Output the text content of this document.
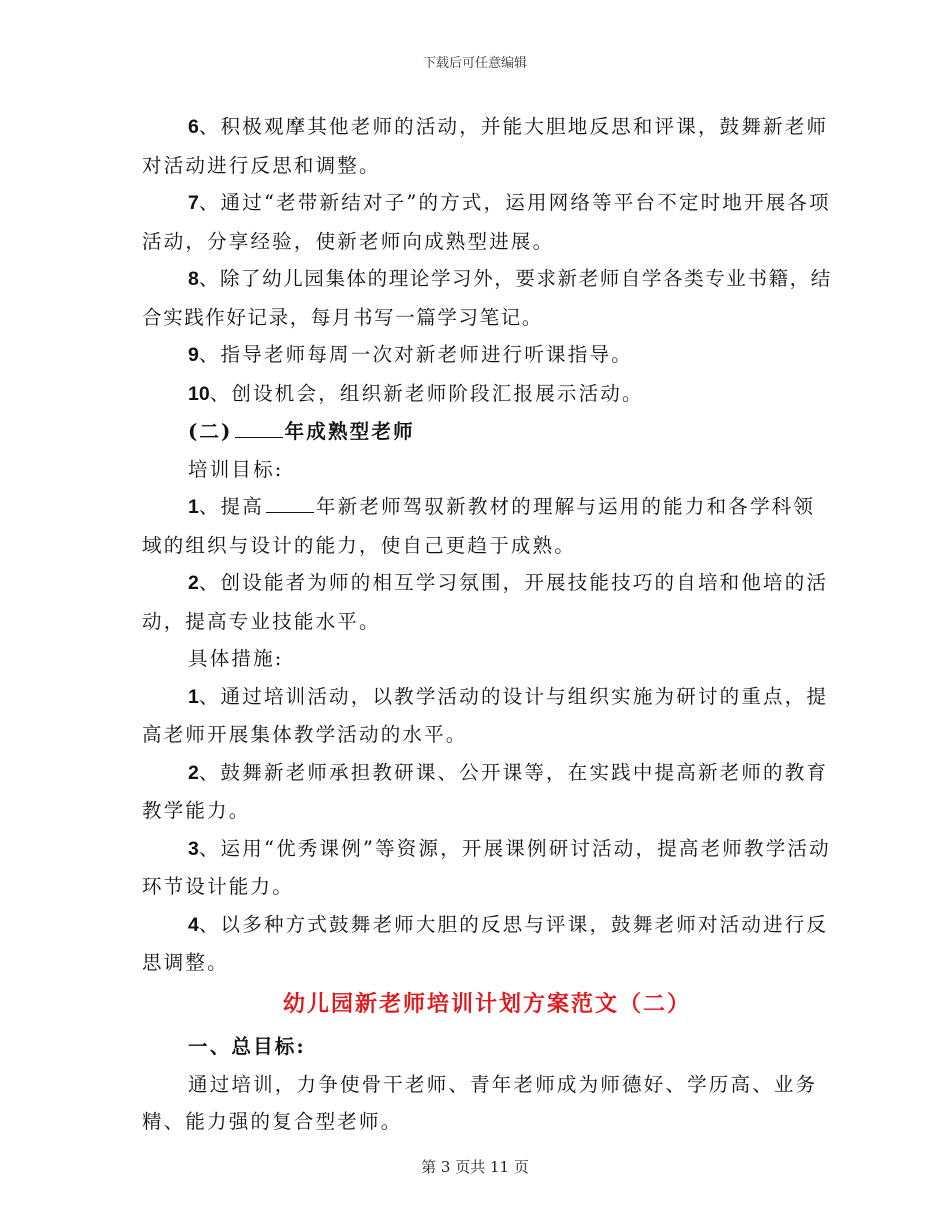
下载后可任意编辑

6、积极观摩其他老师的活动，并能大胆地反思和评课，鼓舞新老师对活动进行反思和调整。

7、通过“老带新结对子”的方式，运用网络等平台不定时地开展各项活动，分享经验，使新老师向成熟型进展。

8、除了幼儿园集体的理论学习外，要求新老师自学各类专业书籍，结合实践作好记录，每月书写一篇学习笔记。

9、指导老师每周一次对新老师进行听课指导。

10、创设机会，组织新老师阶段汇报展示活动。

(二)	年成熟型老师

培训目标:

1、提高	年新老师驾驭新教材的理解与运用的能力和各学科领域的组织与设计的能力，使自己更趋于成熟。

2、创设能者为师的相互学习氛围，开展技能技巧的自培和他培的活动，提高专业技能水平。

具体措施:

1、通过培训活动，以教学活动的设计与组织实施为研讨的重点，提高老师开展集体教学活动的水平。

2、鼓舞新老师承担教研课、公开课等，在实践中提高新老师的教育教学能力。

3、运用“优秀课例”等资源，开展课例研讨活动，提高老师教学活动环节设计能力。

4、以多种方式鼓舞老师大胆的反思与评课，鼓舞老师对活动进行反思调整。

幼儿园新老师培训计划方案范文（二）

一、总目标:

通过培训，力争使骨干老师、青年老师成为师德好、学历高、业务精、能力强的复合型老师。

第 3 页共 11 页
